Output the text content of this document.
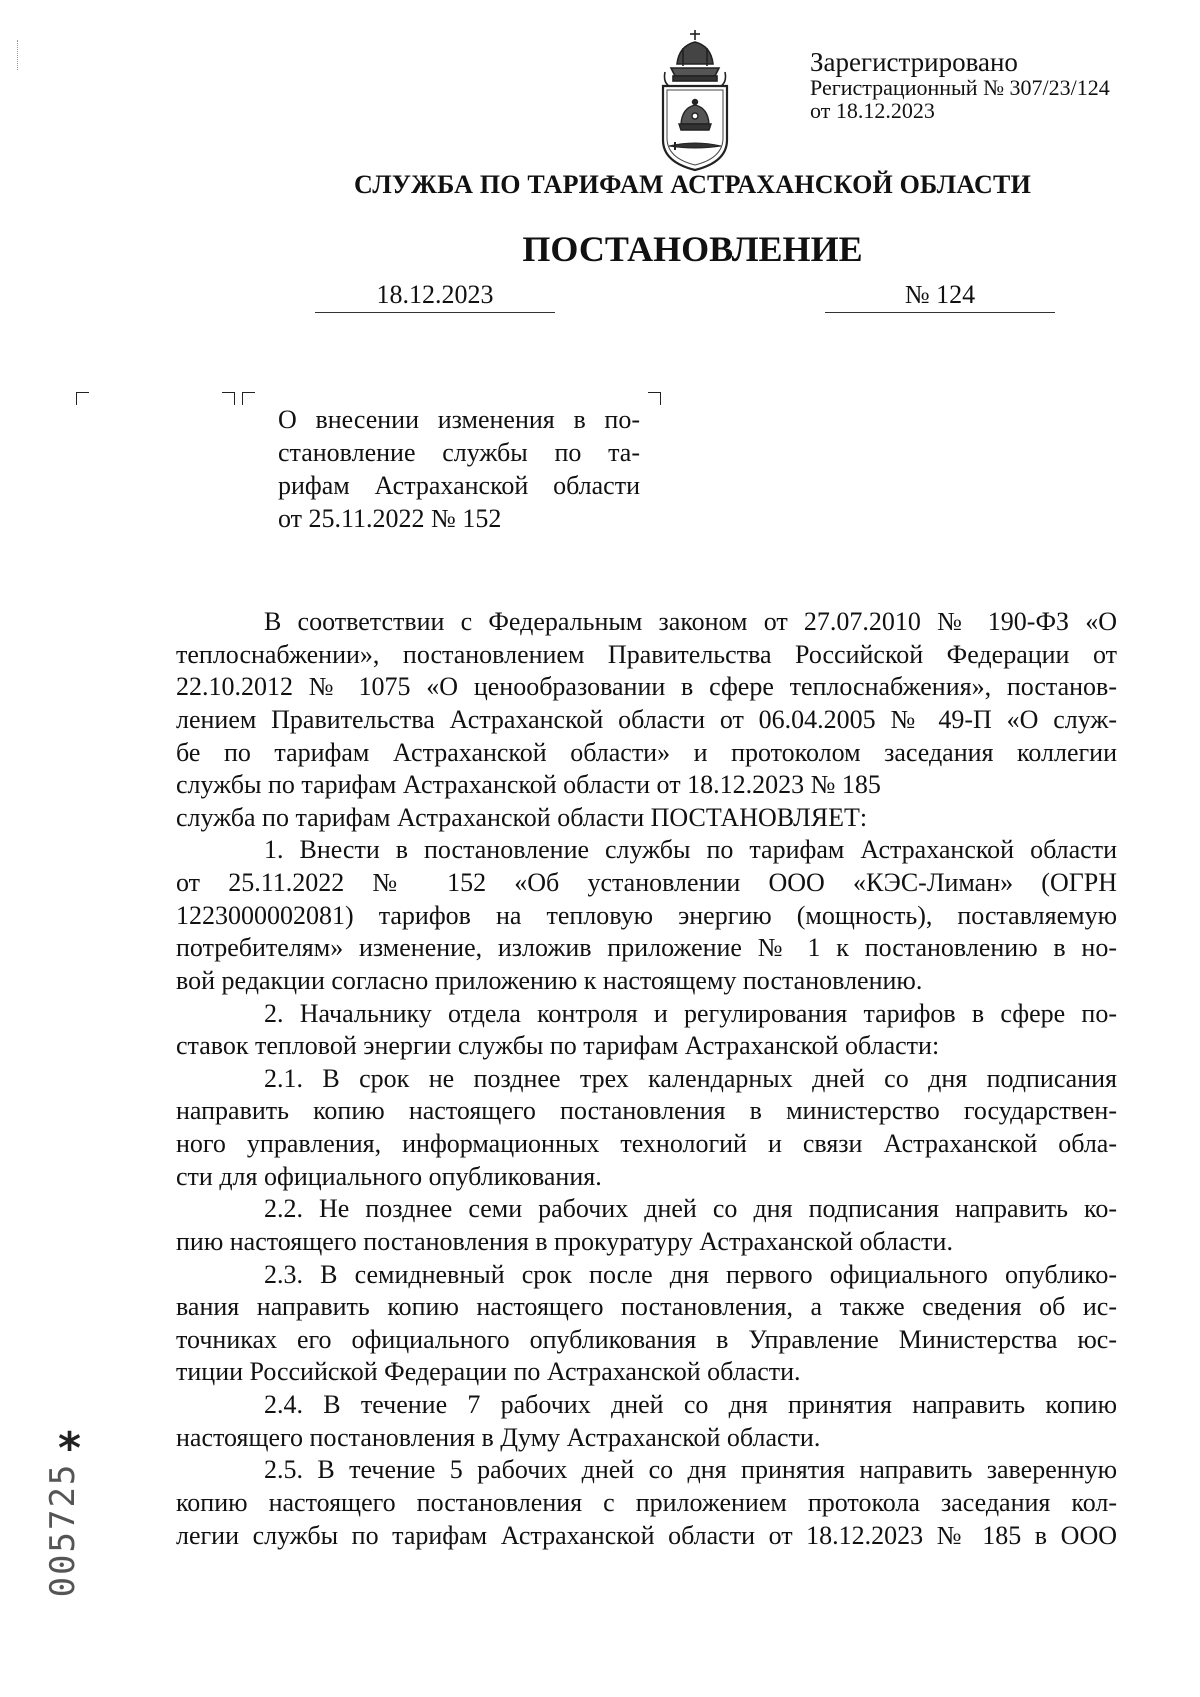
Зарегистрировано
Регистрационный № 307/23/124
от 18.12.2023
СЛУЖБА ПО ТАРИФАМ АСТРАХАНСКОЙ ОБЛАСТИ
ПОСТАНОВЛЕНИЕ
18.12.2023	№ 124
О внесении изменения в по-
становление службы по та-
рифам Астраханской области
от 25.11.2022 № 152
В соответствии с Федеральным законом от 27.07.2010 № 190-ФЗ «О
теплоснабжении», постановлением Правительства Российской Федерации от
22.10.2012 № 1075 «О ценообразовании в сфере теплоснабжения», постанов-
лением Правительства Астраханской области от 06.04.2005 № 49-П «О служ-
бе по тарифам Астраханской области» и протоколом заседания коллегии
службы по тарифам Астраханской области от 18.12.2023 № 185
служба по тарифам Астраханской области ПОСТАНОВЛЯЕТ:
1. Внести в постановление службы по тарифам Астраханской области
от 25.11.2022 № 152 «Об установлении ООО «КЭС-Лиман» (ОГРН
1223000002081) тарифов на тепловую энергию (мощность), поставляемую
потребителям» изменение, изложив приложение № 1 к постановлению в но-
вой редакции согласно приложению к настоящему постановлению.
2. Начальнику отдела контроля и регулирования тарифов в сфере по-
ставок тепловой энергии службы по тарифам Астраханской области:
2.1. В срок не позднее трех календарных дней со дня подписания
направить копию настоящего постановления в министерство государствен-
ного управления, информационных технологий и связи Астраханской обла-
сти для официального опубликования.
2.2. Не позднее семи рабочих дней со дня подписания направить ко-
пию настоящего постановления в прокуратуру Астраханской области.
2.3. В семидневный срок после дня первого официального опублико-
вания направить копию настоящего постановления, а также сведения об ис-
точниках его официального опубликования в Управление Министерства юс-
тиции Российской Федерации по Астраханской области.
2.4. В течение 7 рабочих дней со дня принятия направить копию
настоящего постановления в Думу Астраханской области.
2.5. В течение 5 рабочих дней со дня принятия направить заверенную
копию настоящего постановления с приложением протокола заседания кол-
легии службы по тарифам Астраханской области от 18.12.2023 № 185 в ООО
005725
*
